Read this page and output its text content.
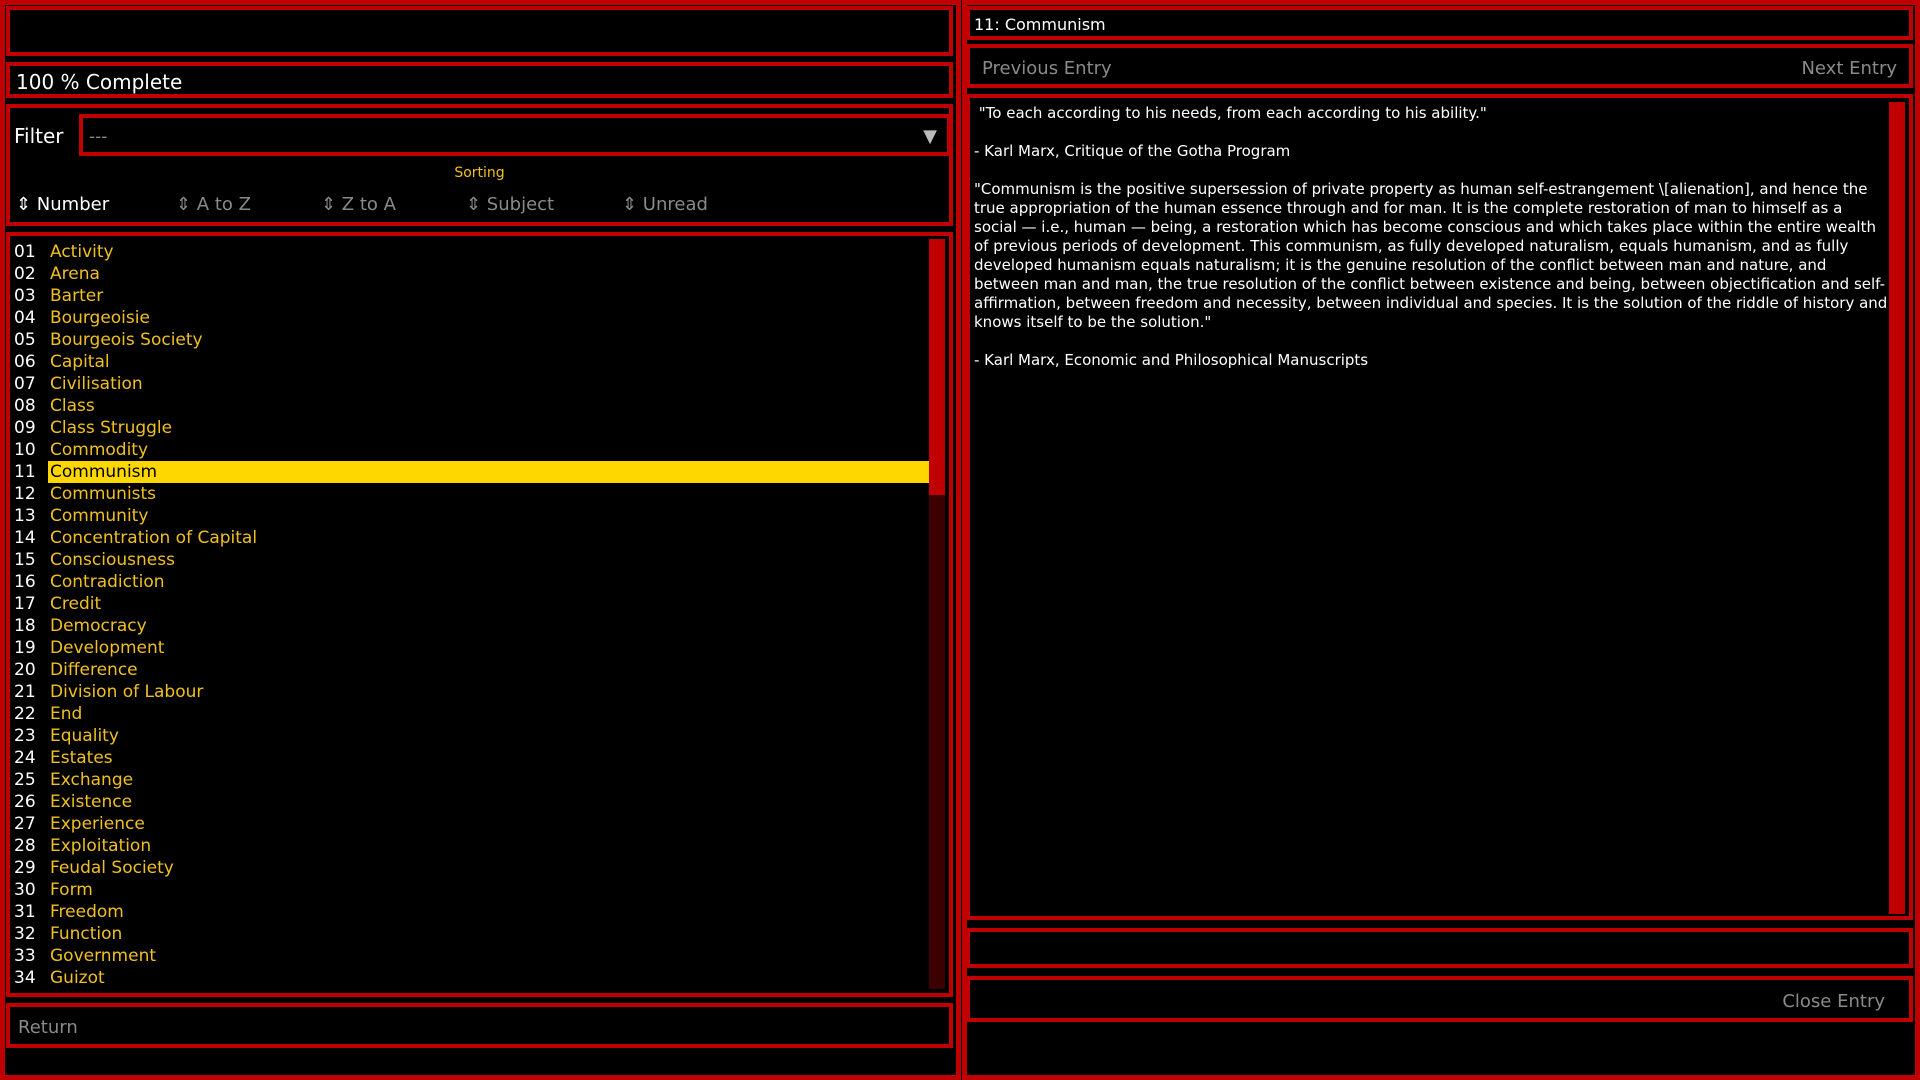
100 % Complete
Filter ---	▼
Sorting
⇕ Number	⇕ A to Z	⇕ Z to A	⇕ Subject	⇕ Unread
01 Activity
02 Arena
03 Barter
04 Bourgeoisie
05 Bourgeois Society
06 Capital
07 Civilisation
08 Class
09 Class Struggle
10 Commodity
11 Communism
12 Communists
13 Community
14 Concentration of Capital
15 Consciousness
16 Contradiction
17 Credit
18 Democracy
19 Development
20 Difference
21 Division of Labour
22 End
23 Equality
24 Estates
25 Exchange
26 Existence
27 Experience
28 Exploitation
29 Feudal Society
30 Form
31 Freedom
32 Function
33 Government
34 Guizot
Return
11: Communism
Previous Entry	Next Entry
"To each according to his needs, from each according to his ability."

- Karl Marx, Critique of the Gotha Program

"Communism is the positive supersession of private property as human self-estrangement \[alienation], and hence the true appropriation of the human essence through and for man. It is the complete restoration of man to himself as a social — i.e., human — being, a restoration which has become conscious and which takes place within the entire wealth of previous periods of development. This communism, as fully developed naturalism, equals humanism, and as fully developed humanism equals naturalism; it is the genuine resolution of the conflict between man and nature, and between man and man, the true resolution of the conflict between existence and being, between objectification and self-affirmation, between freedom and necessity, between individual and species. It is the solution of the riddle of history and knows itself to be the solution."

- Karl Marx, Economic and Philosophical Manuscripts
Close Entry
